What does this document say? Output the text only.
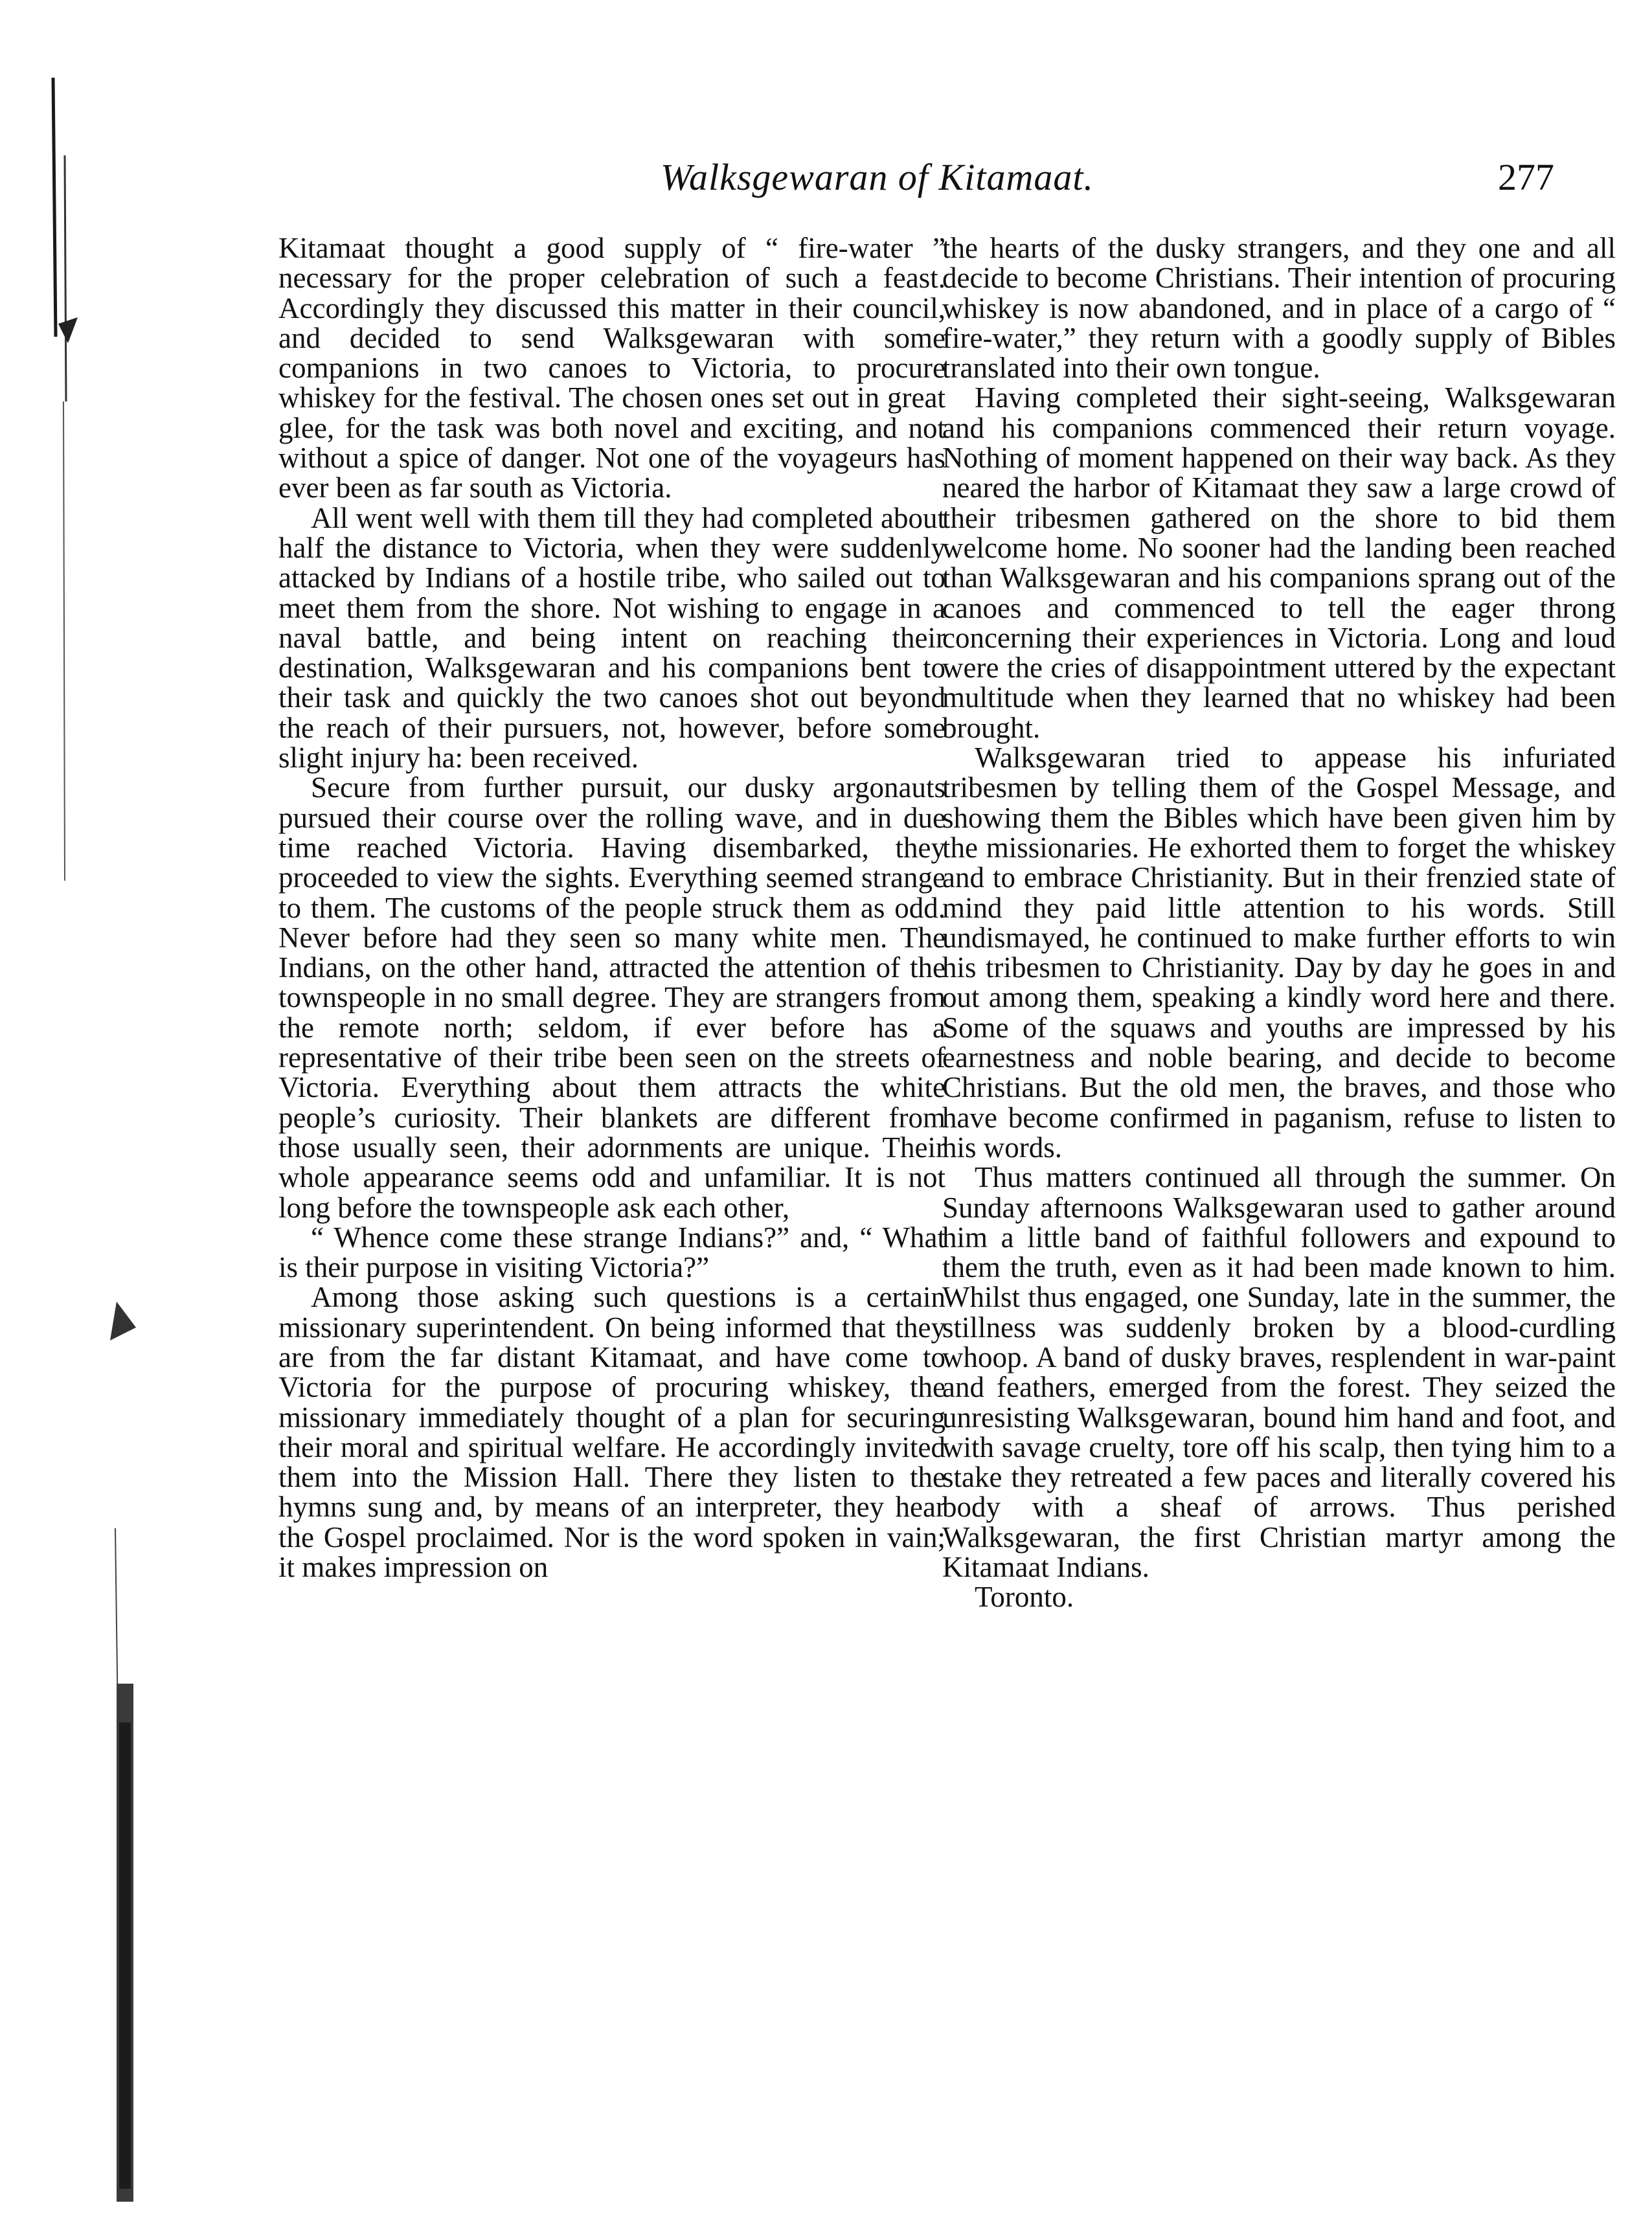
Walksgewaran of Kitamaat.	277

Kitamaat thought a good supply of “ fire-water ” necessary for the proper celebration of such a feast. Accordingly they discussed this matter in their council, and decided to send Walksgewaran with some companions in two canoes to Victoria, to procure whiskey for the festival. The chosen ones set out in great glee, for the task was both novel and exciting, and not without a spice of danger. Not one of the voyageurs has ever been as far south as Victoria.

All went well with them till they had completed about half the distance to Victoria, when they were suddenly attacked by Indians of a hostile tribe, who sailed out to meet them from the shore. Not wishing to engage in a naval battle, and being intent on reaching their destination, Walksgewaran and his companions bent to their task and quickly the two canoes shot out beyond the reach of their pursuers, not, however, before some slight injury ha: been received.

Secure from further pursuit, our dusky argonauts pursued their course over the rolling wave, and in due time reached Victoria. Having disembarked, they proceeded to view the sights. Everything seemed strange to them. The customs of the people struck them as odd. Never before had they seen so many white men. The Indians, on the other hand, attracted the attention of the townspeople in no small degree. They are strangers from the remote north; seldom, if ever before has a representative of their tribe been seen on the streets of Victoria. Everything about them attracts the white people’s curiosity. Their blankets are different from those usually seen, their adornments are unique. Their whole appearance seems odd and unfamiliar. It is not long before the townspeople ask each other,

“ Whence come these strange Indians?” and, “ What is their purpose in visiting Victoria?”

Among those asking such questions is a certain missionary superintendent. On being informed that they are from the far distant Kitamaat, and have come to Victoria for the purpose of procuring whiskey, the missionary immediately thought of a plan for securing their moral and spiritual welfare. He accordingly invited them into the Mission Hall. There they listen to the hymns sung and, by means of an interpreter, they hear the Gospel proclaimed. Nor is the word spoken in vain; it makes impression on

the hearts of the dusky strangers, and they one and all decide to become Christians. Their intention of procuring whiskey is now abandoned, and in place of a cargo of “ fire-water,” they return with a goodly supply of Bibles translated into their own tongue.

Having completed their sight-seeing, Walksgewaran and his companions commenced their return voyage. Nothing of moment happened on their way back. As they neared the harbor of Kitamaat they saw a large crowd of their tribesmen gathered on the shore to bid them welcome home. No sooner had the landing been reached than Walksgewaran and his companions sprang out of the canoes and commenced to tell the eager throng concerning their experiences in Victoria. Long and loud were the cries of disappointment uttered by the expectant multitude when they learned that no whiskey had been brought.

Walksgewaran tried to appease his infuriated tribesmen by telling them of the Gospel Message, and showing them the Bibles which have been given him by the missionaries. He exhorted them to forget the whiskey and to embrace Christianity. But in their frenzied state of mind they paid little attention to his words. Still undismayed, he continued to make further efforts to win his tribesmen to Christianity. Day by day he goes in and out among them, speaking a kindly word here and there. Some of the squaws and youths are impressed by his earnestness and noble bearing, and decide to become Christians. But the old men, the braves, and those who have become confirmed in paganism, refuse to listen to his words.

Thus matters continued all through the summer. On Sunday afternoons Walksgewaran used to gather around him a little band of faithful followers and expound to them the truth, even as it had been made known to him. Whilst thus engaged, one Sunday, late in the summer, the stillness was suddenly broken by a blood-curdling whoop. A band of dusky braves, resplendent in war-paint and feathers, emerged from the forest. They seized the unresisting Walksgewaran, bound him hand and foot, and with savage cruelty, tore off his scalp, then tying him to a stake they retreated a few paces and literally covered his body with a sheaf of arrows. Thus perished Walksgewaran, the first Christian martyr among the Kitamaat Indians.

Toronto.
